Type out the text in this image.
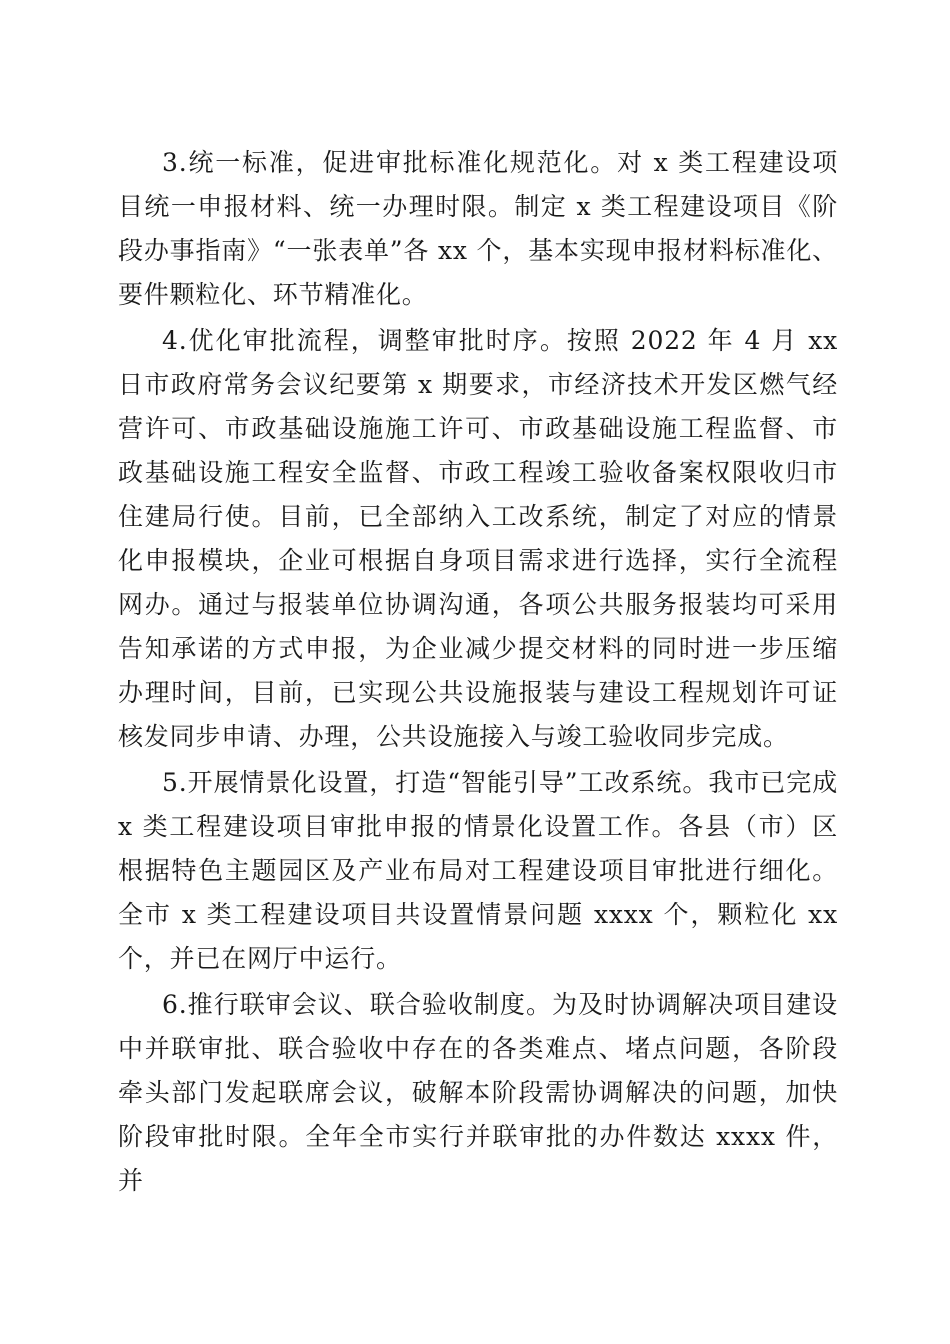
3.统一标准，促进审批标准化规范化。对 x 类工程建设项目统一申报材料、统一办理时限。制定 x 类工程建设项目《阶段办事指南》“一张表单”各 xx 个，基本实现申报材料标准化、要件颗粒化、环节精准化。

4.优化审批流程，调整审批时序。按照 2022 年 4 月 xx 日市政府常务会议纪要第 x 期要求，市经济技术开发区燃气经营许可、市政基础设施施工许可、市政基础设施工程监督、市政基础设施工程安全监督、市政工程竣工验收备案权限收归市住建局行使。目前，已全部纳入工改系统，制定了对应的情景化申报模块，企业可根据自身项目需求进行选择，实行全流程网办。通过与报装单位协调沟通，各项公共服务报装均可采用告知承诺的方式申报，为企业减少提交材料的同时进一步压缩办理时间，目前，已实现公共设施报装与建设工程规划许可证核发同步申请、办理，公共设施接入与竣工验收同步完成。

5.开展情景化设置，打造“智能引导”工改系统。我市已完成 x 类工程建设项目审批申报的情景化设置工作。各县（市）区根据特色主题园区及产业布局对工程建设项目审批进行细化。全市 x 类工程建设项目共设置情景问题 xxxx 个，颗粒化 xx 个，并已在网厅中运行。

6.推行联审会议、联合验收制度。为及时协调解决项目建设中并联审批、联合验收中存在的各类难点、堵点问题，各阶段牵头部门发起联席会议，破解本阶段需协调解决的问题，加快阶段审批时限。全年全市实行并联审批的办件数达 xxxx 件，并
